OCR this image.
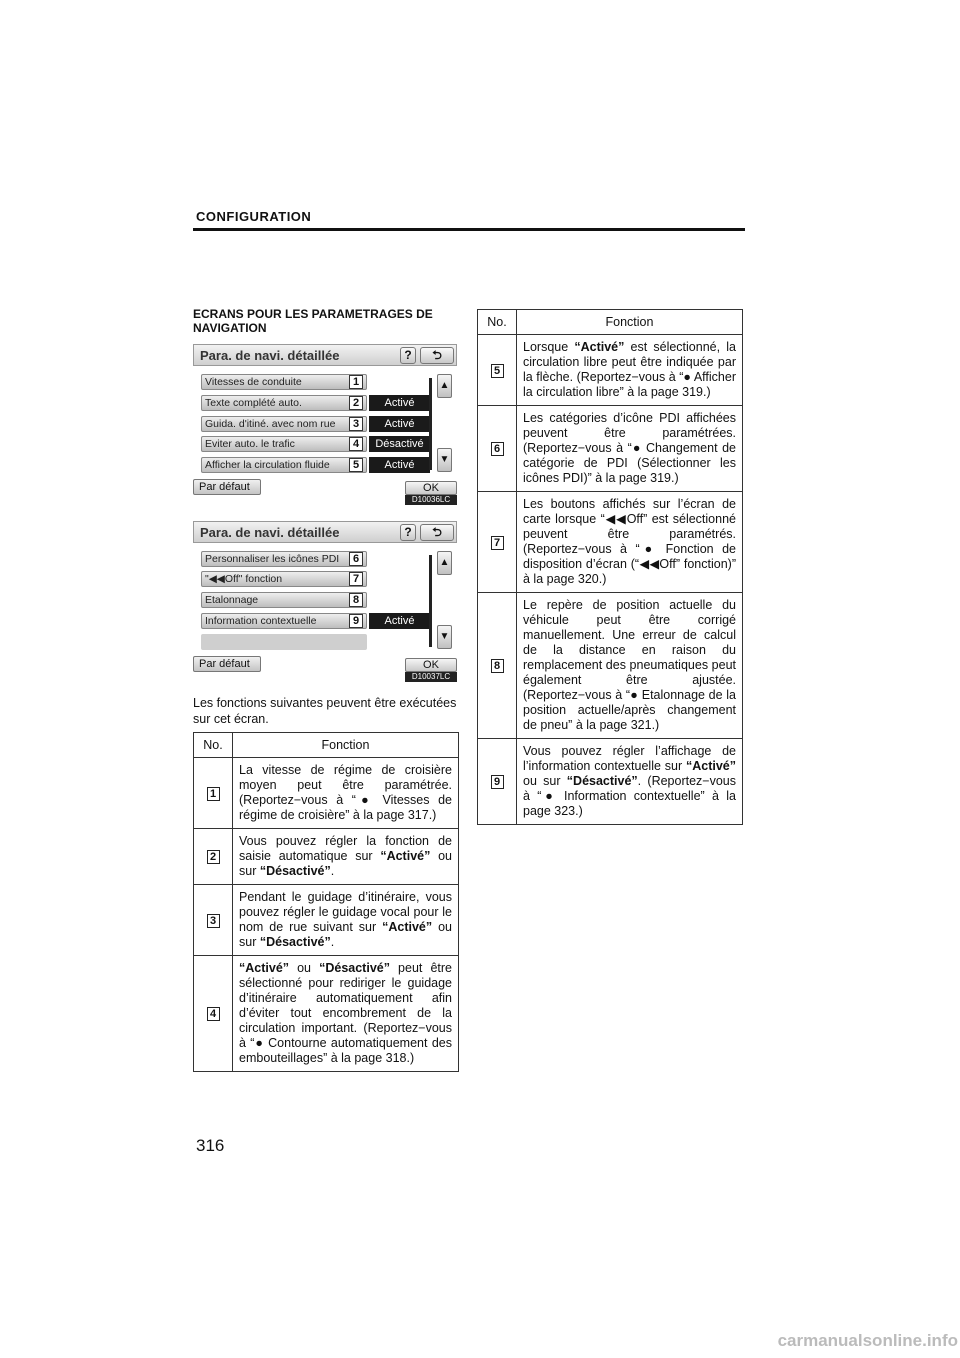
CONFIGURATION
ECRANS POUR LES PARAMETRAGES DE NAVIGATION
Para. de navi. détaillée	?	⮌
Vitesses de conduite	1
Texte complété auto.	2	Activé
Guida. d'itiné. avec nom rue	3	Activé
Eviter auto. le trafic	4	Désactivé
Afficher la circulation fluide	5	Activé
▲
▼
Par défaut	OK
D10036LC
Para. de navi. détaillée	?	⮌
Personnaliser les icônes PDI	6
"◀◀Off" fonction	7
Etalonnage	8
Information contextuelle	9	Activé
▲
▼
Par défaut	OK
D10037LC
Les fonctions suivantes peuvent être exécutées sur cet écran.
No.	Fonction
1	La vitesse de régime de croisière moyen peut être paramétrée. (Reportez−vous à “● Vitesses de régime de croisière” à la page 317.)
2	Vous pouvez régler la fonction de saisie automatique sur “Activé” ou sur “Désactivé”.
3	Pendant le guidage d’itinéraire, vous pouvez régler le guidage vocal pour le nom de rue suivant sur “Activé” ou sur “Désactivé”.
4	“Activé” ou “Désactivé” peut être sélectionné pour rediriger le guidage d’itinéraire automatiquement afin d’éviter tout encombrement de la circulation important. (Reportez−vous à “● Contourne automatiquement des embouteillages” à la page 318.)
No.	Fonction
5	Lorsque “Activé” est sélectionné, la circulation libre peut être indiquée par la flèche. (Reportez−vous à “● Afficher la circulation libre” à la page 319.)
6	Les catégories d’icône PDI affichées peuvent être paramétrées. (Reportez−vous à “● Changement de catégorie de PDI (Sélectionner les icônes PDI)” à la page 319.)
7	Les boutons affichés sur l’écran de carte lorsque “◀◀Off” est sélectionné peuvent être paramétrés. (Reportez−vous à “● Fonction de disposition d’écran (“◀◀Off” fonction)” à la page 320.)
8	Le repère de position actuelle du véhicule peut être corrigé manuellement. Une erreur de calcul de la distance en raison du remplacement des pneumatiques peut également être ajustée. (Reportez−vous à “● Etalonnage de la position actuelle/après changement de pneu” à la page 321.)
9	Vous pouvez régler l’affichage de l’information contextuelle sur “Activé” ou sur “Désactivé”. (Reportez−vous à “● Information contextuelle” à la page 323.)
316
carmanualsonline.info
